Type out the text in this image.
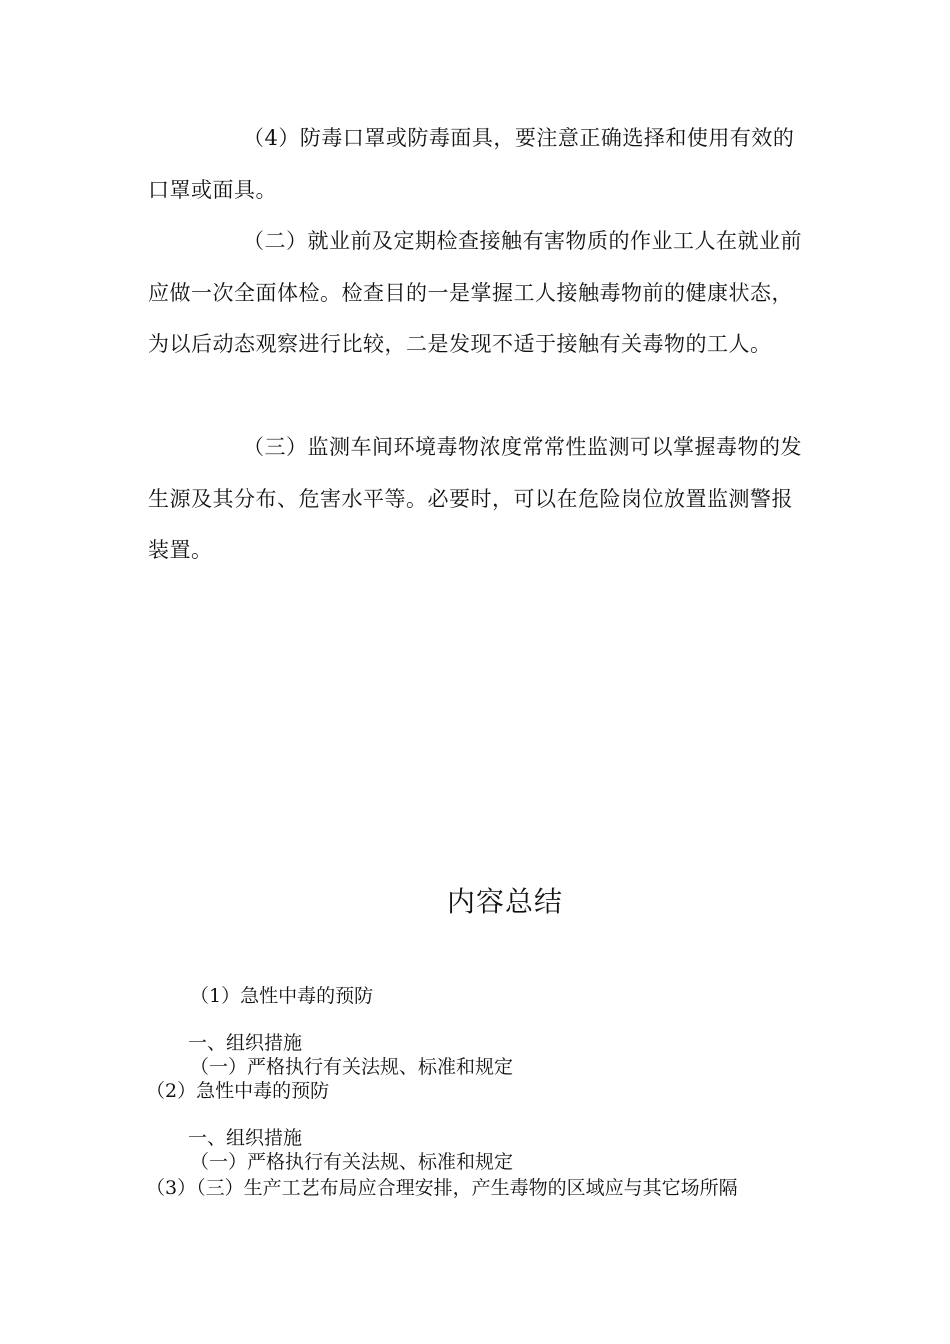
（4）防毒口罩或防毒面具，要注意正确选择和使用有效的口罩或面具。

（二）就业前及定期检查接触有害物质的作业工人在就业前应做一次全面体检。检查目的一是掌握工人接触毒物前的健康状态，为以后动态观察进行比较，二是发现不适于接触有关毒物的工人。

（三）监测车间环境毒物浓度常常性监测可以掌握毒物的发生源及其分布、危害水平等。必要时，可以在危险岗位放置监测警报装置。

内容总结

（1）急性中毒的预防

一、组织措施

（一）严格执行有关法规、标准和规定

（2）急性中毒的预防

一、组织措施

（一）严格执行有关法规、标准和规定

（3）（三）生产工艺布局应合理安排，产生毒物的区域应与其它场所隔
